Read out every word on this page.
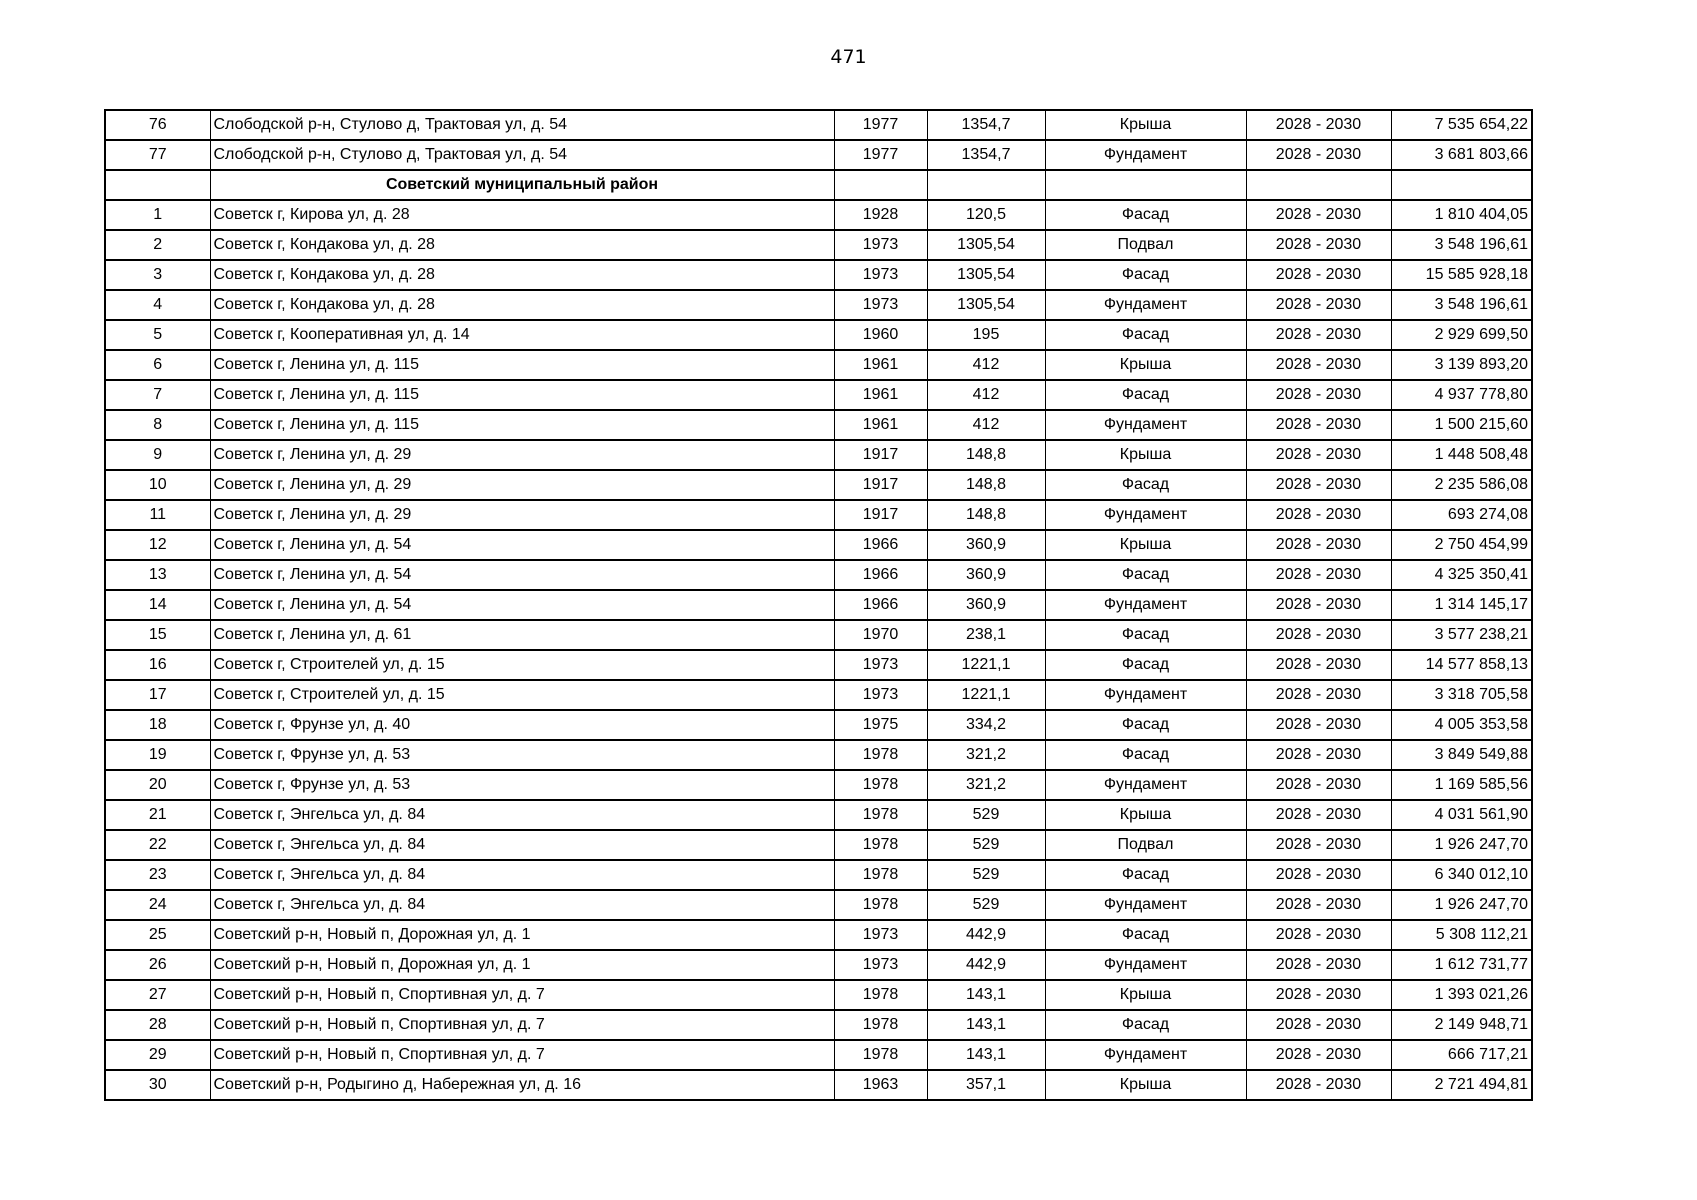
471
76	Слободской р-н, Стулово д, Трактовая ул, д. 54	1977	1354,7	Крыша	2028 - 2030	7 535 654,22
77	Слободской р-н, Стулово д, Трактовая ул, д. 54	1977	1354,7	Фундамент	2028 - 2030	3 681 803,66
	Советский муниципальный район					
1	Советск г, Кирова ул, д. 28	1928	120,5	Фасад	2028 - 2030	1 810 404,05
2	Советск г, Кондакова ул, д. 28	1973	1305,54	Подвал	2028 - 2030	3 548 196,61
3	Советск г, Кондакова ул, д. 28	1973	1305,54	Фасад	2028 - 2030	15 585 928,18
4	Советск г, Кондакова ул, д. 28	1973	1305,54	Фундамент	2028 - 2030	3 548 196,61
5	Советск г, Кооперативная ул, д. 14	1960	195	Фасад	2028 - 2030	2 929 699,50
6	Советск г, Ленина ул, д. 115	1961	412	Крыша	2028 - 2030	3 139 893,20
7	Советск г, Ленина ул, д. 115	1961	412	Фасад	2028 - 2030	4 937 778,80
8	Советск г, Ленина ул, д. 115	1961	412	Фундамент	2028 - 2030	1 500 215,60
9	Советск г, Ленина ул, д. 29	1917	148,8	Крыша	2028 - 2030	1 448 508,48
10	Советск г, Ленина ул, д. 29	1917	148,8	Фасад	2028 - 2030	2 235 586,08
11	Советск г, Ленина ул, д. 29	1917	148,8	Фундамент	2028 - 2030	693 274,08
12	Советск г, Ленина ул, д. 54	1966	360,9	Крыша	2028 - 2030	2 750 454,99
13	Советск г, Ленина ул, д. 54	1966	360,9	Фасад	2028 - 2030	4 325 350,41
14	Советск г, Ленина ул, д. 54	1966	360,9	Фундамент	2028 - 2030	1 314 145,17
15	Советск г, Ленина ул, д. 61	1970	238,1	Фасад	2028 - 2030	3 577 238,21
16	Советск г, Строителей ул, д. 15	1973	1221,1	Фасад	2028 - 2030	14 577 858,13
17	Советск г, Строителей ул, д. 15	1973	1221,1	Фундамент	2028 - 2030	3 318 705,58
18	Советск г, Фрунзе ул, д. 40	1975	334,2	Фасад	2028 - 2030	4 005 353,58
19	Советск г, Фрунзе ул, д. 53	1978	321,2	Фасад	2028 - 2030	3 849 549,88
20	Советск г, Фрунзе ул, д. 53	1978	321,2	Фундамент	2028 - 2030	1 169 585,56
21	Советск г, Энгельса ул, д. 84	1978	529	Крыша	2028 - 2030	4 031 561,90
22	Советск г, Энгельса ул, д. 84	1978	529	Подвал	2028 - 2030	1 926 247,70
23	Советск г, Энгельса ул, д. 84	1978	529	Фасад	2028 - 2030	6 340 012,10
24	Советск г, Энгельса ул, д. 84	1978	529	Фундамент	2028 - 2030	1 926 247,70
25	Советский р-н, Новый п, Дорожная ул, д. 1	1973	442,9	Фасад	2028 - 2030	5 308 112,21
26	Советский р-н, Новый п, Дорожная ул, д. 1	1973	442,9	Фундамент	2028 - 2030	1 612 731,77
27	Советский р-н, Новый п, Спортивная ул, д. 7	1978	143,1	Крыша	2028 - 2030	1 393 021,26
28	Советский р-н, Новый п, Спортивная ул, д. 7	1978	143,1	Фасад	2028 - 2030	2 149 948,71
29	Советский р-н, Новый п, Спортивная ул, д. 7	1978	143,1	Фундамент	2028 - 2030	666 717,21
30	Советский р-н, Родыгино д, Набережная ул, д. 16	1963	357,1	Крыша	2028 - 2030	2 721 494,81
